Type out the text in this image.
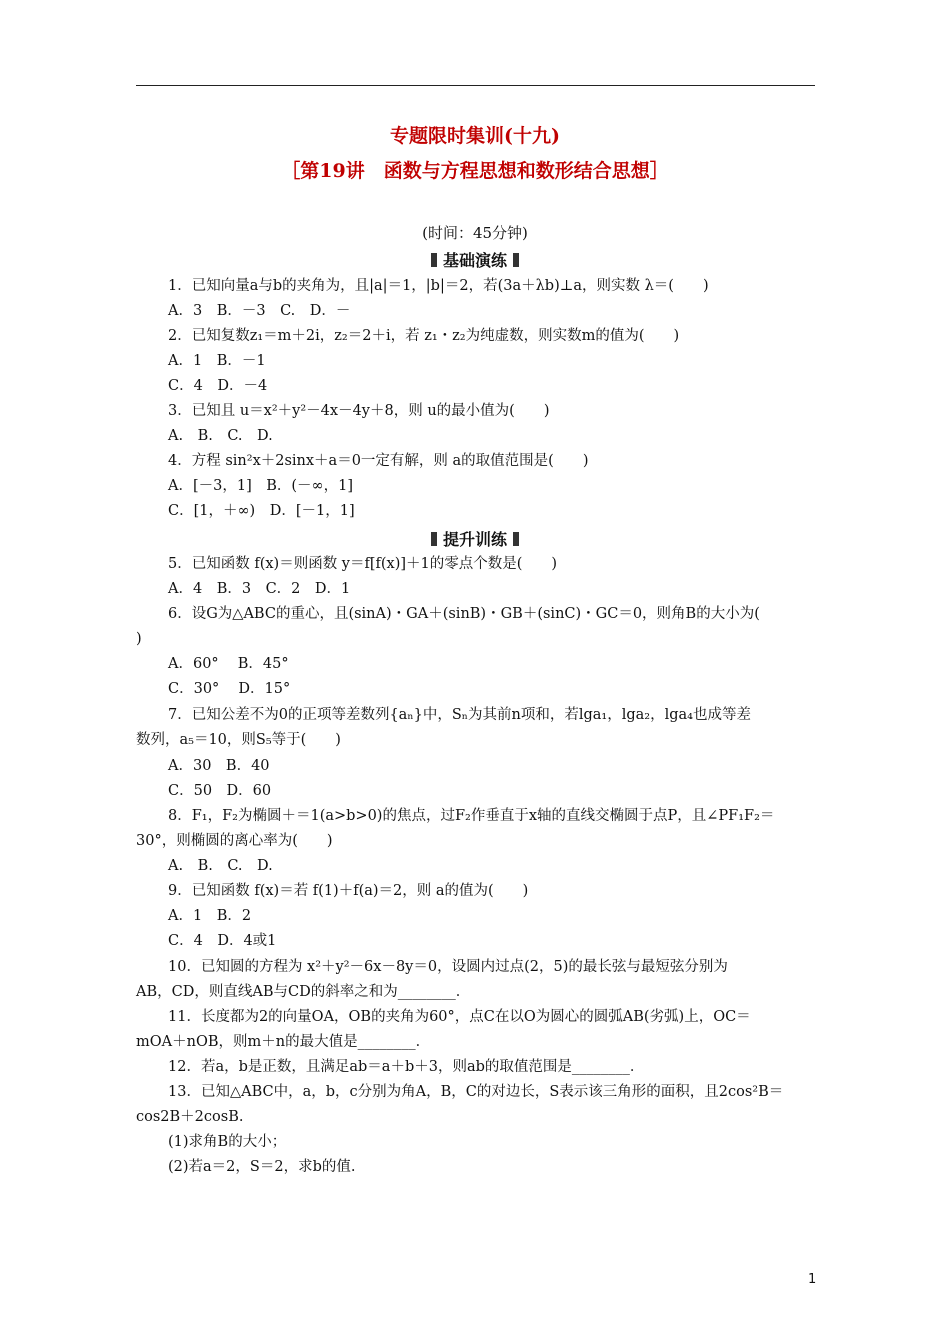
专题限时集训(十九)
［第19讲　函数与方程思想和数形结合思想］
(时间：45分钟)
基础演练
1．已知向量a与b的夹角为，且|a|＝1，|b|＝2，若(3a＋λb)⊥a，则实数 λ＝(　　)
A．3　B．－3　C.　D．－
2．已知复数z₁＝m＋2i，z₂＝2＋i，若 z₁・z₂为纯虚数，则实数m的值为(　　)
A．1　B．－1
C．4　D．－4
3．已知且 u＝x²＋y²－4x－4y＋8，则 u的最小值为(　　)
A.　B.　C.　D.
4．方程 sin²x＋2sinx＋a＝0一定有解，则 a的取值范围是(　　)
A．[－3，1]　B．(－∞，1]
C．[1，＋∞)　D．[－1，1]
提升训练
5．已知函数 f(x)＝则函数 y＝f[f(x)]＋1的零点个数是(　　)
A．4　B．3　C．2　D．1
6．设G为△ABC的重心，且(sinA)・GA＋(sinB)・GB＋(sinC)・GC＝0，则角B的大小为(
)
A．60°　 B．45°
C．30°　 D．15°
7．已知公差不为0的正项等差数列{aₙ}中，Sₙ为其前n项和，若lga₁，lga₂，lga₄也成等差
数列，a₅＝10，则S₅等于(　　)
A．30　B．40
C．50　D．60
8．F₁，F₂为椭圆＋＝1(a>b>0)的焦点，过F₂作垂直于x轴的直线交椭圆于点P，且∠PF₁F₂＝
30°，则椭圆的离心率为(　　)
A.　B.　C.　D.
9．已知函数 f(x)＝若 f(1)＋f(a)＝2，则 a的值为(　　)
A．1　B．2
C．4　D．4或1
10．已知圆的方程为 x²＋y²－6x－8y＝0，设圆内过点(2，5)的最长弦与最短弦分别为
AB，CD，则直线AB与CD的斜率之和为________．
11．长度都为2的向量OA，OB的夹角为60°，点C在以O为圆心的圆弧AB(劣弧)上，OC＝
mOA＋nOB，则m＋n的最大值是________．
12．若a，b是正数，且满足ab＝a＋b＋3，则ab的取值范围是________．
13．已知△ABC中，a，b，c分别为角A，B，C的对边长，S表示该三角形的面积，且2cos²B＝
cos2B＋2cosB.
(1)求角B的大小；
(2)若a＝2，S＝2，求b的值.
1
